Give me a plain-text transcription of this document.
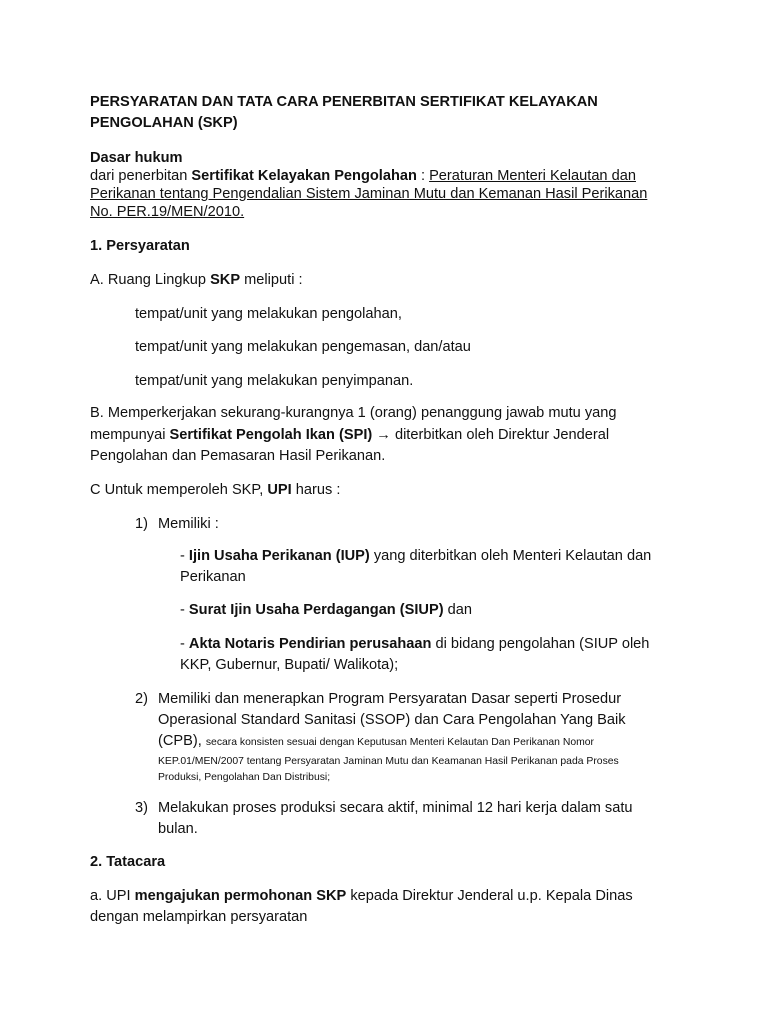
PERSYARATAN DAN TATA CARA PENERBITAN SERTIFIKAT KELAYAKAN

PENGOLAHAN (SKP)

Dasar hukum

dari penerbitan Sertifikat Kelayakan Pengolahan : Peraturan Menteri Kelautan dan

Perikanan tentang Pengendalian Sistem Jaminan Mutu dan Kemanan Hasil Perikanan

No. PER.19/MEN/2010.

1. Persyaratan

A. Ruang Lingkup SKP meliputi :

tempat/unit yang melakukan pengolahan,

tempat/unit yang melakukan pengemasan, dan/atau

tempat/unit yang melakukan penyimpanan.

B. Memperkerjakan sekurang-kurangnya 1 (orang) penanggung jawab mutu yang

mempunyai Sertifikat Pengolah Ikan (SPI) → diterbitkan oleh Direktur Jenderal

Pengolahan dan Pemasaran Hasil Perikanan.

C Untuk memperoleh SKP, UPI harus :

1) Memiliki :

- Ijin Usaha Perikanan (IUP) yang diterbitkan oleh Menteri Kelautan dan

Perikanan

- Surat Ijin Usaha Perdagangan (SIUP) dan

- Akta Notaris Pendirian perusahaan di bidang pengolahan (SIUP oleh

KKP, Gubernur, Bupati/ Walikota);

2) Memiliki dan menerapkan Program Persyaratan Dasar seperti Prosedur

Operasional Standard Sanitasi (SSOP) dan Cara Pengolahan Yang Baik

(CPB), secara konsisten sesuai dengan Keputusan Menteri Kelautan Dan Perikanan Nomor

KEP.01/MEN/2007 tentang Persyaratan Jaminan Mutu dan Keamanan Hasil Perikanan pada Proses

Produksi, Pengolahan Dan Distribusi;

3) Melakukan proses produksi secara aktif, minimal 12 hari kerja dalam satu

bulan.

2. Tatacara

a. UPI mengajukan permohonan SKP kepada Direktur Jenderal u.p. Kepala Dinas

dengan melampirkan persyaratan
